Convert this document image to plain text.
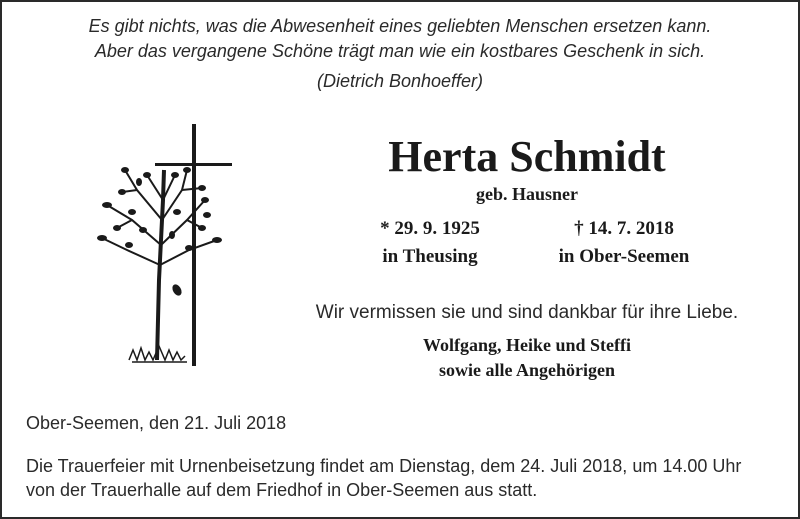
Es gibt nichts, was die Abwesenheit eines geliebten Menschen ersetzen kann.
Aber das vergangene Schöne trägt man wie ein kostbares Geschenk in sich.
(Dietrich Bonhoeffer)
Herta Schmidt
geb. Hausner
* 29. 9. 1925
in Theusing
† 14. 7. 2018
in Ober-Seemen
Wir vermissen sie und sind dankbar für ihre Liebe.
Wolfgang, Heike und Steffi
sowie alle Angehörigen
Ober-Seemen, den 21. Juli 2018
Die Trauerfeier mit Urnenbeisetzung findet am Dienstag, dem 24. Juli 2018, um 14.00 Uhr
von der Trauerhalle auf dem Friedhof in Ober-Seemen aus statt.
